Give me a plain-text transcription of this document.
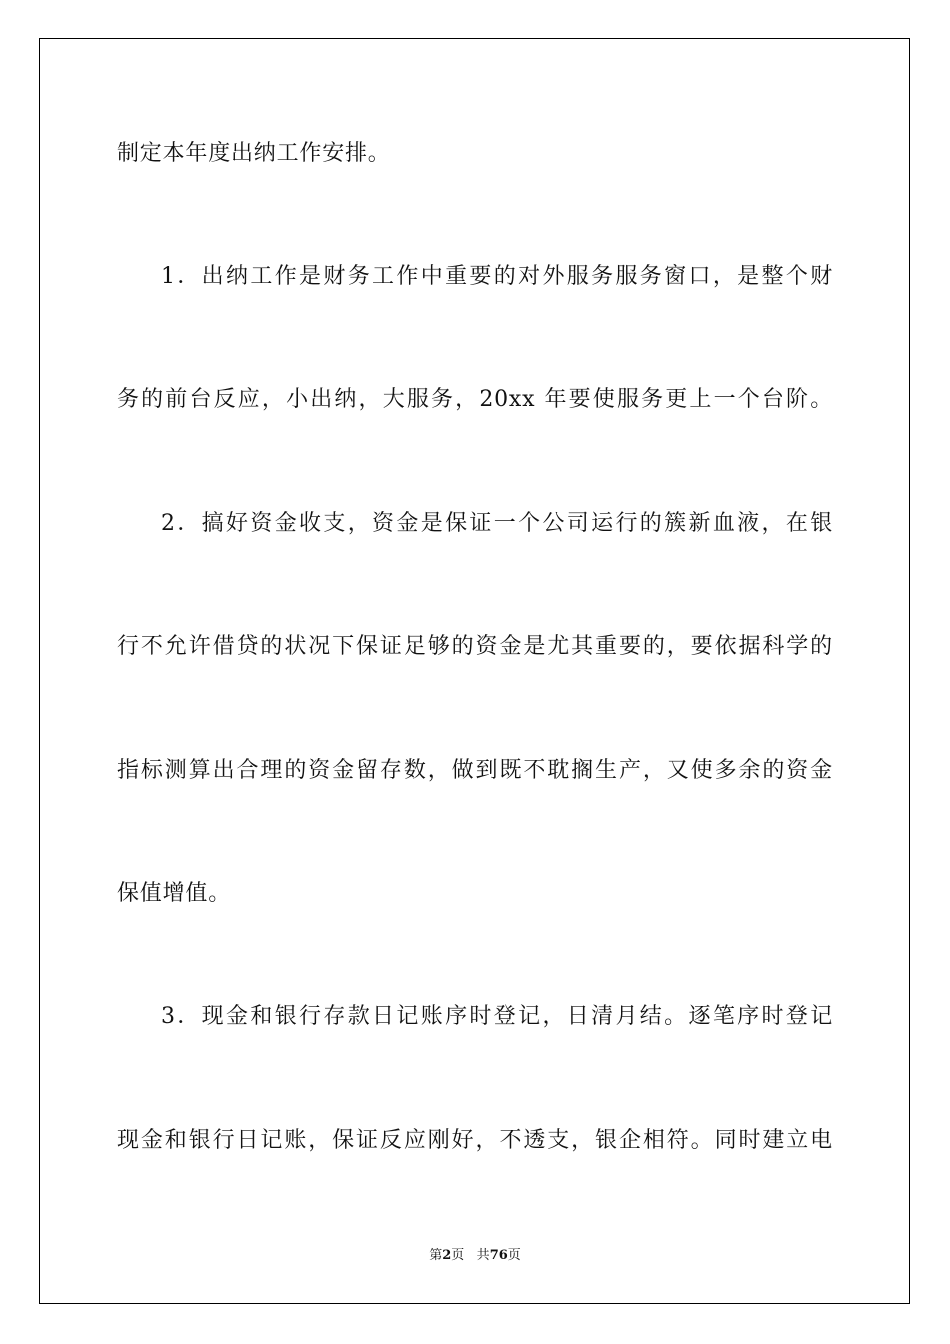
制定本年度出纳工作安排。
1．出纳工作是财务工作中重要的对外服务服务窗口，是整个财
务的前台反应，小出纳，大服务，20xx 年要使服务更上一个台阶。
2．搞好资金收支，资金是保证一个公司运行的簇新血液，在银
行不允许借贷的状况下保证足够的资金是尤其重要的，要依据科学的
指标测算出合理的资金留存数，做到既不耽搁生产，又使多余的资金
保值增值。
3．现金和银行存款日记账序时登记，日清月结。逐笔序时登记
现金和银行日记账，保证反应刚好，不透支，银企相符。同时建立电
第2页 共76页
